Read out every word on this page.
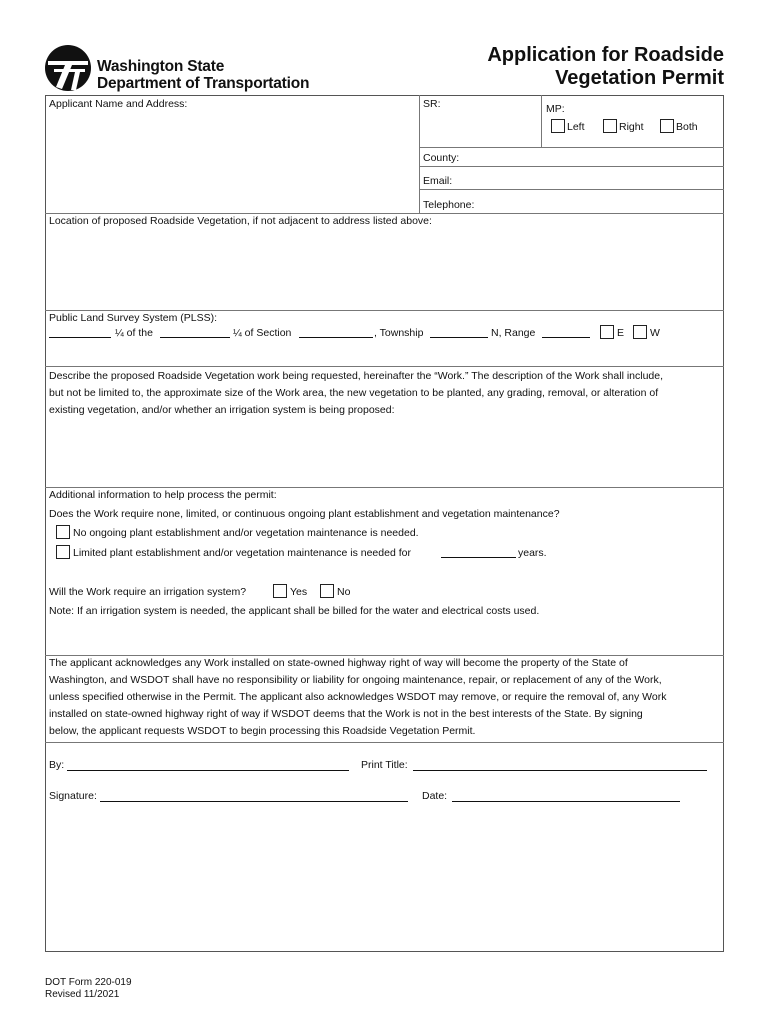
Washington State
Department of Transportation
Application for Roadside
Vegetation Permit
Applicant Name and Address:	SR:	MP:
Left	Right	Both
County:
Email:
Telephone:
Location of proposed Roadside Vegetation, if not adjacent to address listed above:
Public Land Survey System (PLSS):
¼ of the	¼ of Section	, Township	N, Range	E W
Describe the proposed Roadside Vegetation work being requested, hereinafter the “Work.” The description of the Work shall include,
but not be limited to, the approximate size of the Work area, the new vegetation to be planted, any grading, removal, or alteration of
existing vegetation, and/or whether an irrigation system is being proposed:
Additional information to help process the permit:
Does the Work require none, limited, or continuous ongoing plant establishment and vegetation maintenance?
No ongoing plant establishment and/or vegetation maintenance is needed.
Limited plant establishment and/or vegetation maintenance is needed for	years.
Will the Work require an irrigation system?	Yes	No
Note: If an irrigation system is needed, the applicant shall be billed for the water and electrical costs used.
The applicant acknowledges any Work installed on state-owned highway right of way will become the property of the State of
Washington, and WSDOT shall have no responsibility or liability for ongoing maintenance, repair, or replacement of any of the Work,
unless specified otherwise in the Permit. The applicant also acknowledges WSDOT may remove, or require the removal of, any Work
installed on state-owned highway right of way if WSDOT deems that the Work is not in the best interests of the State. By signing
below, the applicant requests WSDOT to begin processing this Roadside Vegetation Permit.
By:	Print Title:
Signature:	Date:
DOT Form 220-019
Revised 11/2021
